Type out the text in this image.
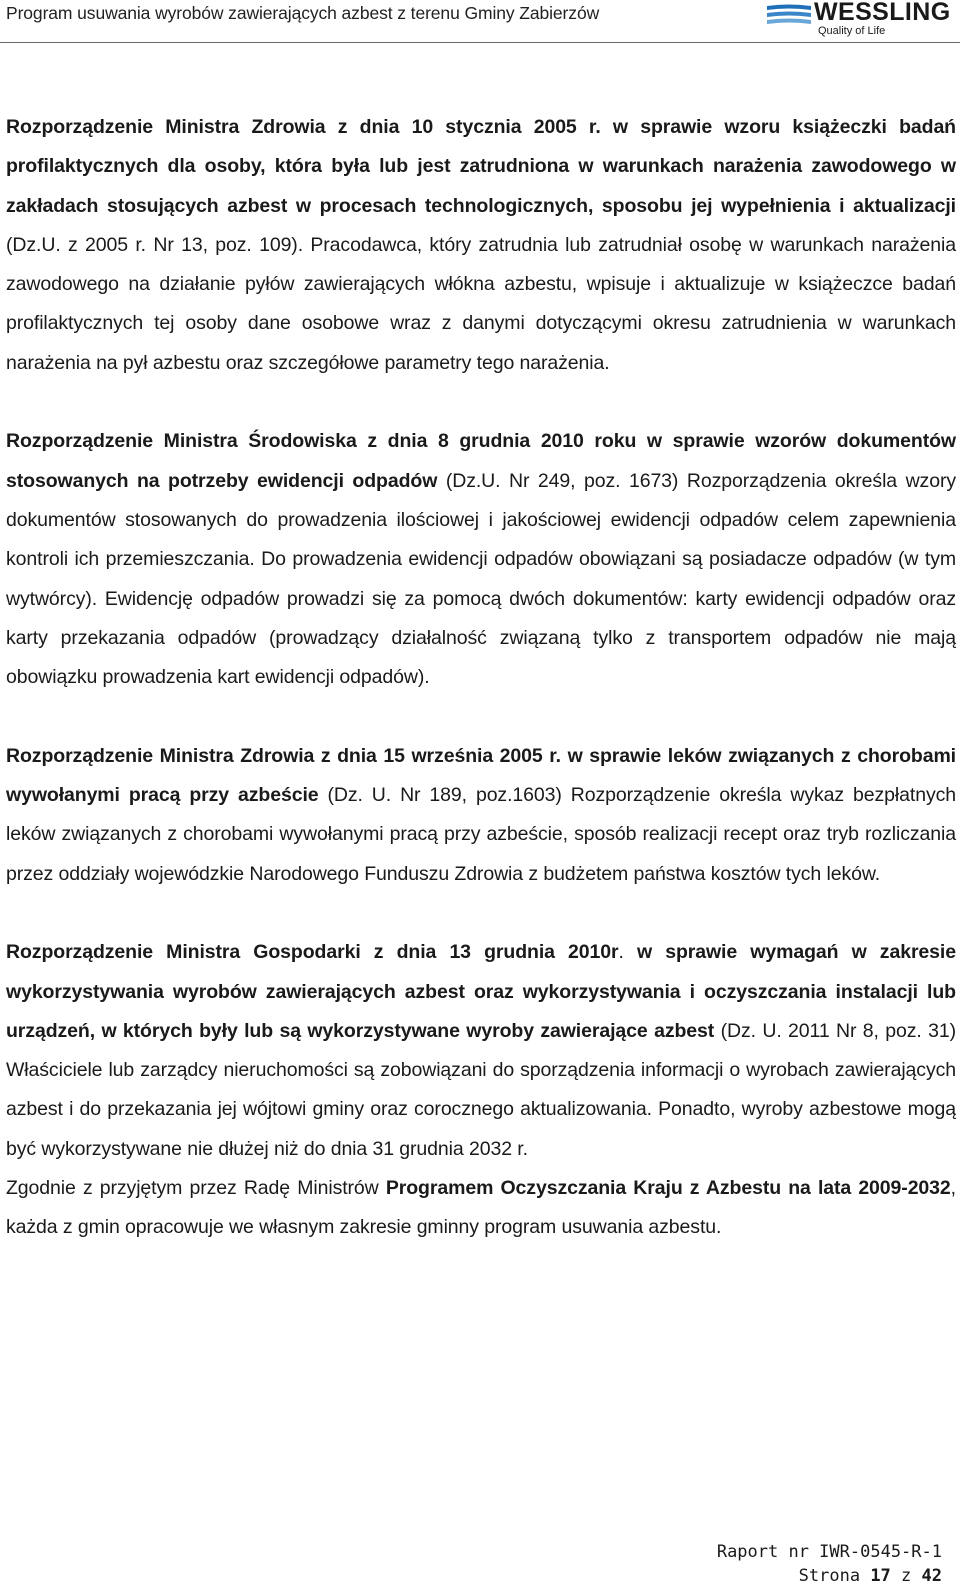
Program usuwania wyrobów zawierających azbest z terenu Gminy Zabierzów	WESSLING
Quality of Life

Rozporządzenie Ministra Zdrowia z dnia 10 stycznia 2005 r. w sprawie wzoru książeczki badań profilaktycznych dla osoby, która była lub jest zatrudniona w warunkach narażenia zawodowego w zakładach stosujących azbest w procesach technologicznych, sposobu jej wypełnienia i aktualizacji (Dz.U. z 2005 r. Nr 13, poz. 109). Pracodawca, który zatrudnia lub zatrudniał osobę w warunkach narażenia zawodowego na działanie pyłów zawierających włókna azbestu, wpisuje i aktualizuje w książeczce badań profilaktycznych tej osoby dane osobowe wraz z danymi dotyczącymi okresu zatrudnienia w warunkach narażenia na pył azbestu oraz szczegółowe parametry tego narażenia.

Rozporządzenie Ministra Środowiska z dnia 8 grudnia 2010 roku w sprawie wzorów dokumentów stosowanych na potrzeby ewidencji odpadów (Dz.U. Nr 249, poz. 1673) Rozporządzenia określa wzory dokumentów stosowanych do prowadzenia ilościowej i jakościowej ewidencji odpadów celem zapewnienia kontroli ich przemieszczania. Do prowadzenia ewidencji odpadów obowiązani są posiadacze odpadów (w tym wytwórcy). Ewidencję odpadów prowadzi się za pomocą dwóch dokumentów: karty ewidencji odpadów oraz karty przekazania odpadów (prowadzący działalność związaną tylko z transportem odpadów nie mają obowiązku prowadzenia kart ewidencji odpadów).

Rozporządzenie Ministra Zdrowia z dnia 15 września 2005 r. w sprawie leków związanych z chorobami wywołanymi pracą przy azbeście (Dz. U. Nr 189, poz.1603) Rozporządzenie określa wykaz bezpłatnych leków związanych z chorobami wywołanymi pracą przy azbeście, sposób realizacji recept oraz tryb rozliczania przez oddziały wojewódzkie Narodowego Funduszu Zdrowia z budżetem państwa kosztów tych leków.

Rozporządzenie Ministra Gospodarki z dnia 13 grudnia 2010r. w sprawie wymagań w zakresie wykorzystywania wyrobów zawierających azbest oraz wykorzystywania i oczyszczania instalacji lub urządzeń, w których były lub są wykorzystywane wyroby zawierające azbest (Dz. U. 2011 Nr 8, poz. 31) Właściciele lub zarządcy nieruchomości są zobowiązani do sporządzenia informacji o wyrobach zawierających azbest i do przekazania jej wójtowi gminy oraz corocznego aktualizowania. Ponadto, wyroby azbestowe mogą być wykorzystywane nie dłużej niż do dnia 31 grudnia 2032 r.

Zgodnie z przyjętym przez Radę Ministrów Programem Oczyszczania Kraju z Azbestu na lata 2009-2032, każda z gmin opracowuje we własnym zakresie gminny program usuwania azbestu.

Raport nr IWR-0545-R-1
Strona 17 z 42
